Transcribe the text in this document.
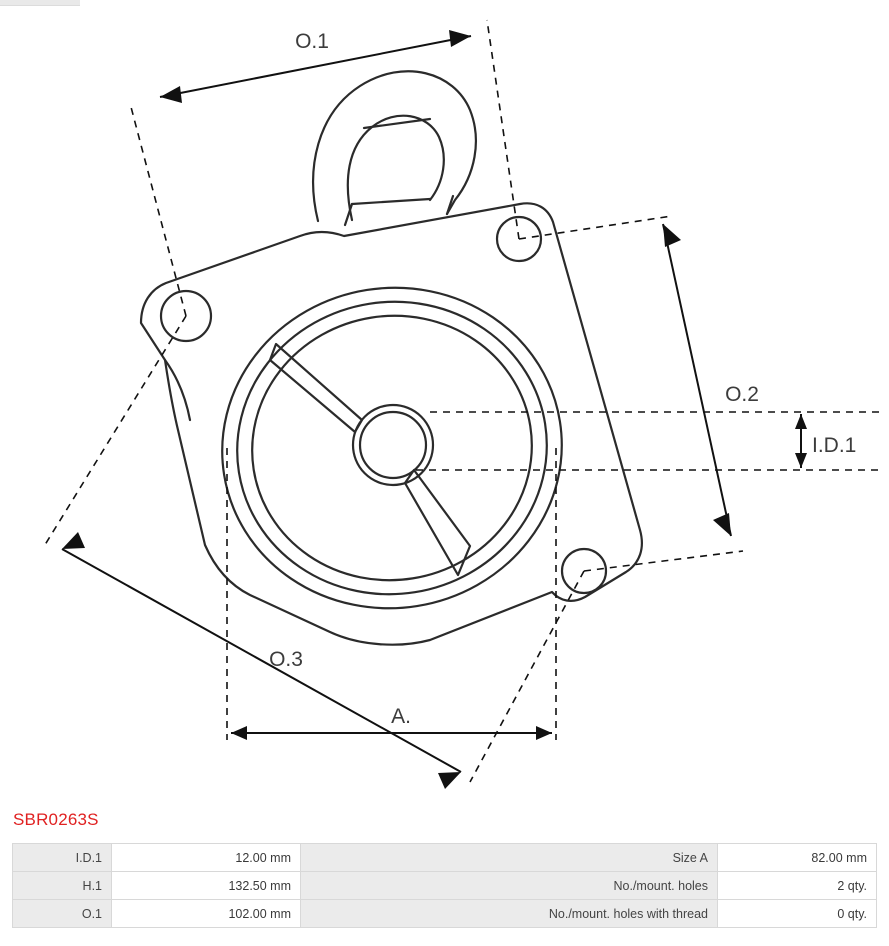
O.1
O.2
I.D.1
O.3
A.
SBR0263S
I.D.1	12.00 mm	Size A	82.00 mm
H.1	132.50 mm	No./mount. holes	2 qty.
O.1	102.00 mm	No./mount. holes with thread	0 qty.
